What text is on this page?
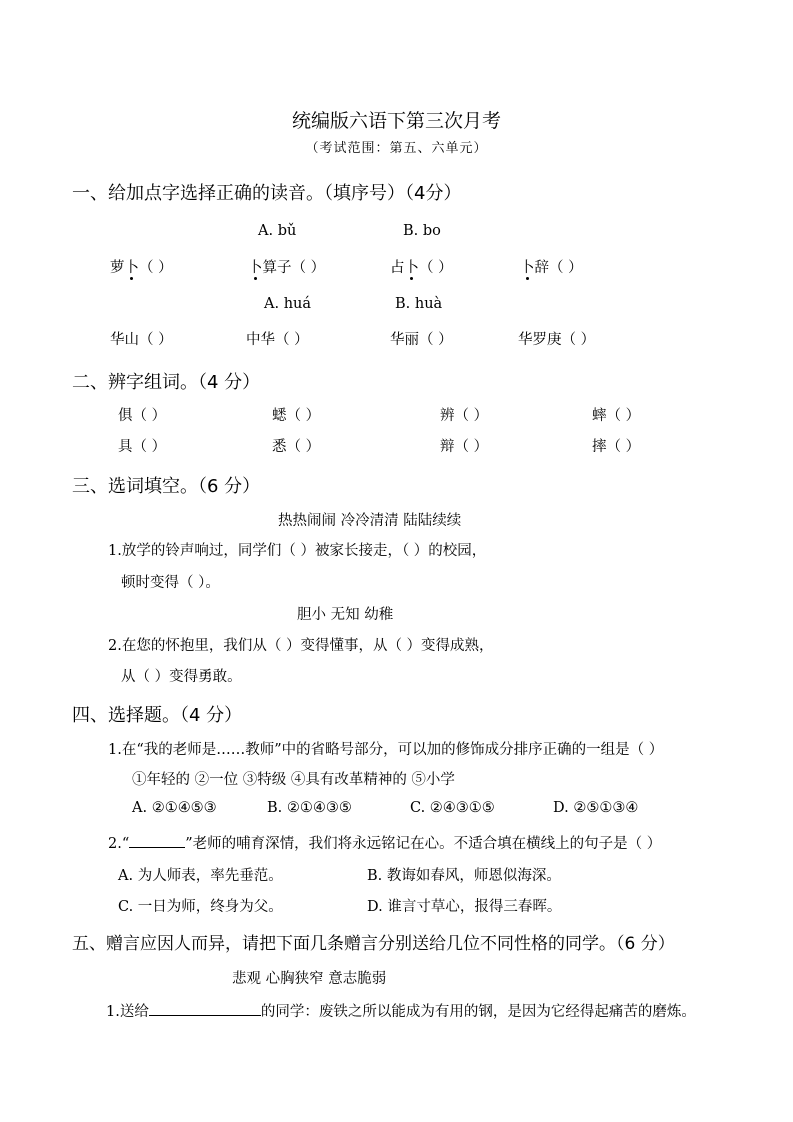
统编版六语下第三次月考
（考试范围：第五、六单元）
一、给加点字选择正确的读音。（填序号）（4分）
A. bǔ	B. bo
萝卜（ ）	卜算子（ ）	占卜（ ）	卜辞（ ）
A. huá	B. huà
华山（ ）	中华（ ）	华丽（ ）	华罗庚（ ）
二、辨字组词。（4 分）
俱（ ）	蟋（ ）	辨（ ）	蟀（ ）
具（ ）	悉（ ）	辩（ ）	摔（ ）
三、选词填空。（6 分）
热热闹闹 冷冷清清 陆陆续续
1.放学的铃声响过，同学们（ ）被家长接走，（ ）的校园，
顿时变得（ ）。
胆小 无知 幼稚
2.在您的怀抱里，我们从（ ）变得懂事，从（ ）变得成熟，
从（ ）变得勇敢。
四、选择题。（4 分）
1.在“我的老师是……教师”中的省略号部分，可以加的修饰成分排序正确的一组是（ ）
①年轻的 ②一位 ③特级 ④具有改革精神的 ⑤小学
A. ②①④⑤③	B. ②①④③⑤	C. ②④③①⑤	D. ②⑤①③④
2.“	”老师的哺育深情，我们将永远铭记在心。不适合填在横线上的句子是（ ）
A. 为人师表，率先垂范。	B. 教诲如春风，师恩似海深。
C. 一日为师，终身为父。	D. 谁言寸草心，报得三春晖。
五、赠言应因人而异，请把下面几条赠言分别送给几位不同性格的同学。（6 分）
悲观 心胸狭窄 意志脆弱
1.送给	的同学：废铁之所以能成为有用的钢，是因为它经得起痛苦的磨炼。
